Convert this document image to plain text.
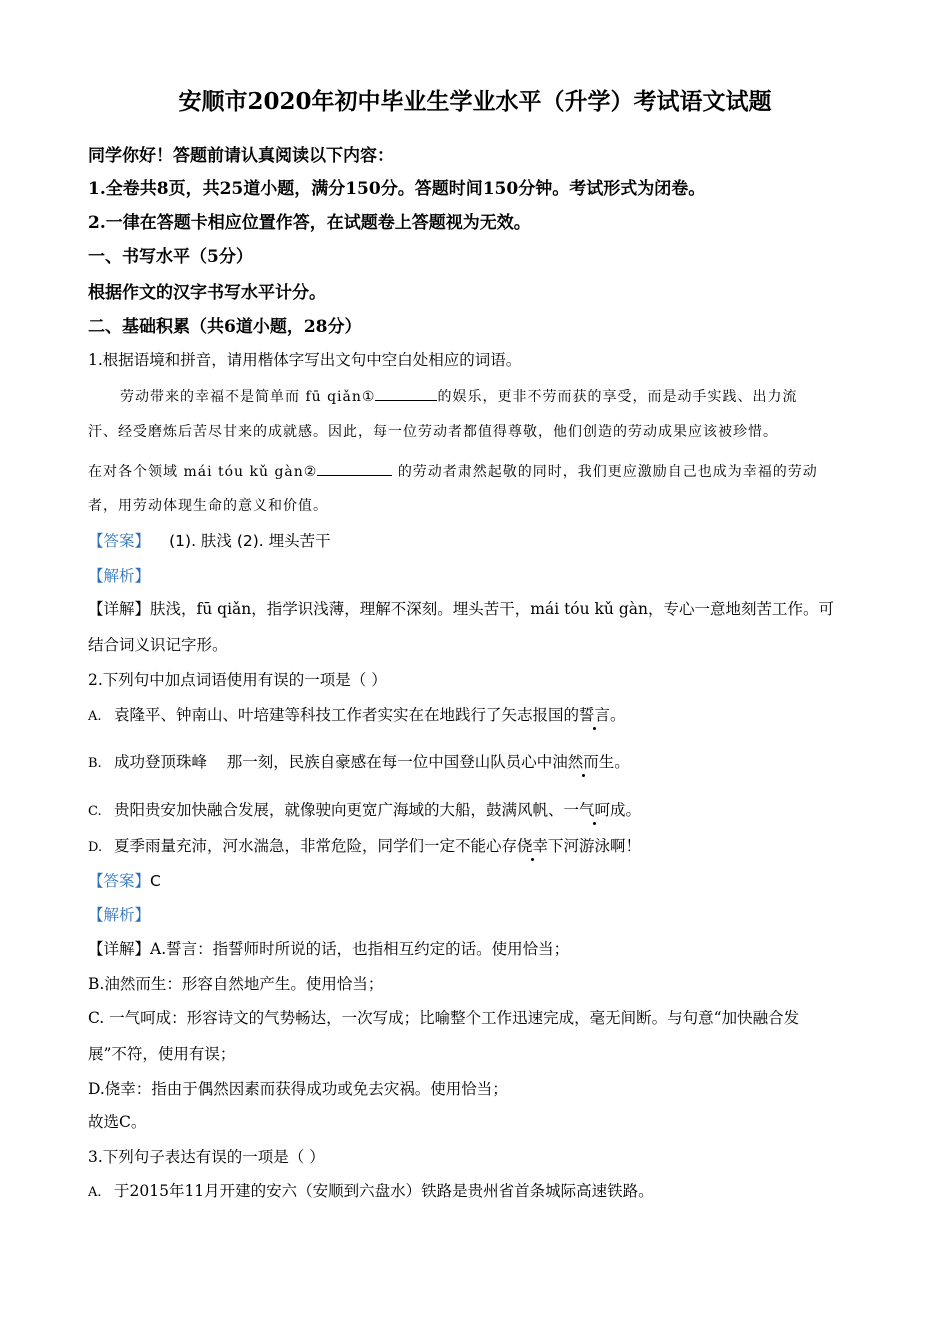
安顺市2020年初中毕业生学业水平（升学）考试语文试题
同学你好！答题前请认真阅读以下内容：
1.全卷共8页，共25道小题，满分150分。答题时间150分钟。考试形式为闭卷。
2.一律在答题卡相应位置作答，在试题卷上答题视为无效。
一、书写水平（5分）
根据作文的汉字书写水平计分。
二、基础积累（共6道小题，28分）
1.根据语境和拼音，请用楷体字写出文句中空白处相应的词语。
劳动带来的幸福不是简单而 fū qiǎn①	的娱乐，更非不劳而获的享受，而是动手实践、出力流
汗、经受磨炼后苦尽甘来的成就感。因此，每一位劳动者都值得尊敬，他们创造的劳动成果应该被珍惜。
在对各个领域 mái tóu kǔ gàn②	的劳动者肃然起敬的同时，我们更应激励自己也成为幸福的劳动
者，用劳动体现生命的意义和价值。
【答案】 (1). 肤浅 (2). 埋头苦干
【解析】
【详解】肤浅，fū qiǎn，指学识浅薄，理解不深刻。埋头苦干，mái tóu kǔ gàn，专心一意地刻苦工作。可
结合词义识记字形。
2.下列句中加点词语使用有误的一项是（ ）
A. 袁隆平、钟南山、叶培建等科技工作者实实在在地践行了矢志报国的誓言。
B. 成功登顶珠峰    那一刻，民族自豪感在每一位中国登山队员心中油然而生。
C. 贵阳贵安加快融合发展，就像驶向更宽广海域的大船，鼓满风帆、一气呵成。
D. 夏季雨量充沛，河水湍急，非常危险，同学们一定不能心存侥幸下河游泳啊！
【答案】C
【解析】
【详解】A.誓言：指誓师时所说的话，也指相互约定的话。使用恰当；
B.油然而生：形容自然地产生。使用恰当；
C. 一气呵成：形容诗文的气势畅达，一次写成；比喻整个工作迅速完成，毫无间断。与句意“加快融合发
展”不符，使用有误；
D.侥幸：指由于偶然因素而获得成功或免去灾祸。使用恰当；
故选C。
3.下列句子表达有误的一项是（ ）
A. 于2015年11月开建的安六（安顺到六盘水）铁路是贵州省首条城际高速铁路。
